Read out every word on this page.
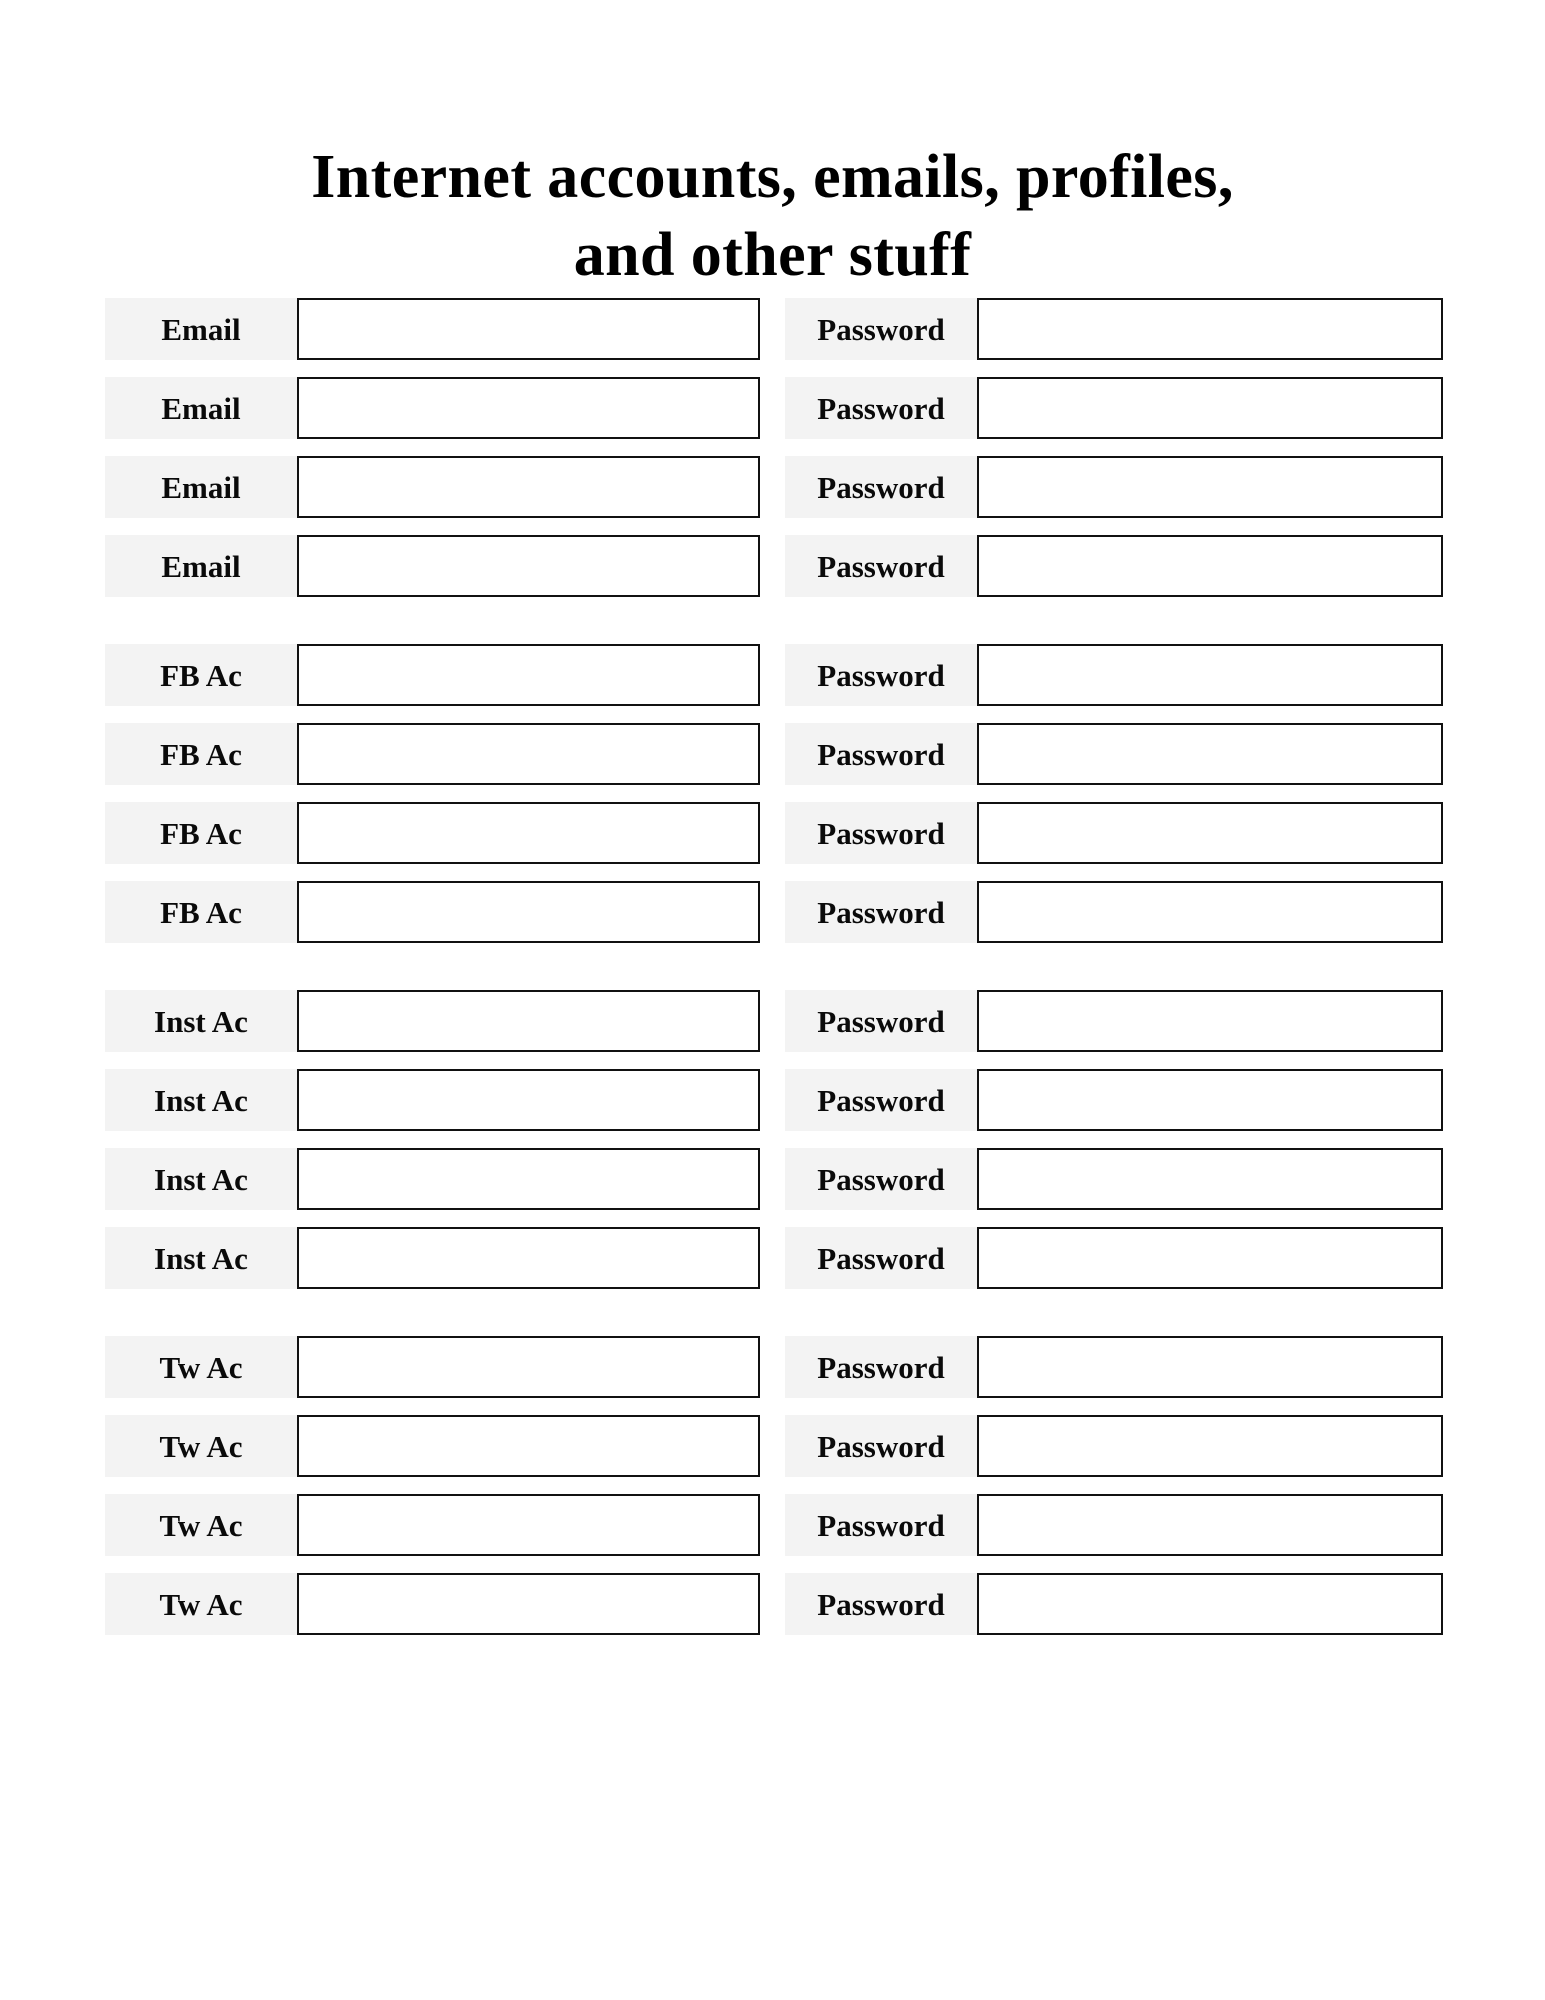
Internet accounts, emails, profiles,
and other stuff
Email	Password
Email	Password
Email	Password
Email	Password
FB Ac	Password
FB Ac	Password
FB Ac	Password
FB Ac	Password
Inst Ac	Password
Inst Ac	Password
Inst Ac	Password
Inst Ac	Password
Tw Ac	Password
Tw Ac	Password
Tw Ac	Password
Tw Ac	Password
